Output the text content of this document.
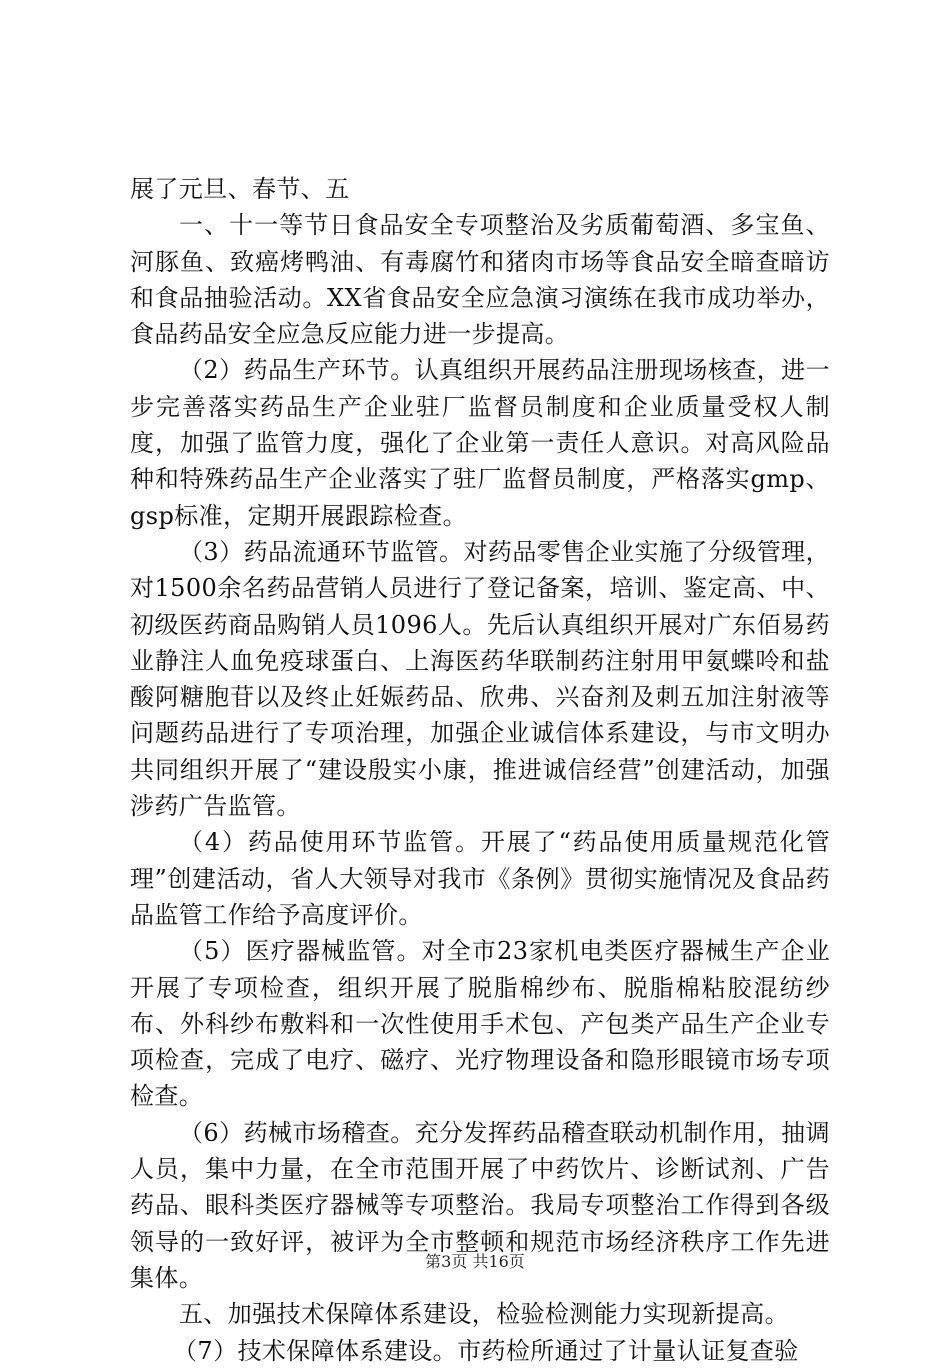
展了元旦、春节、五

一、十一等节日食品安全专项整治及劣质葡萄酒、多宝鱼、河豚鱼、致癌烤鸭油、有毒腐竹和猪肉市场等食品安全暗查暗访和食品抽验活动。XX省食品安全应急演习演练在我市成功举办，食品药品安全应急反应能力进一步提高。

（2）药品生产环节。认真组织开展药品注册现场核查，进一步完善落实药品生产企业驻厂监督员制度和企业质量受权人制度，加强了监管力度，强化了企业第一责任人意识。对高风险品种和特殊药品生产企业落实了驻厂监督员制度，严格落实gmp、gsp标准，定期开展跟踪检查。

（3）药品流通环节监管。对药品零售企业实施了分级管理，对1500余名药品营销人员进行了登记备案，培训、鉴定高、中、初级医药商品购销人员1096人。先后认真组织开展对广东佰易药业静注人血免疫球蛋白、上海医药华联制药注射用甲氨蝶呤和盐酸阿糖胞苷以及终止妊娠药品、欣弗、兴奋剂及刺五加注射液等问题药品进行了专项治理，加强企业诚信体系建设，与市文明办共同组织开展了“建设殷实小康，推进诚信经营”创建活动，加强涉药广告监管。

（4）药品使用环节监管。开展了“药品使用质量规范化管理”创建活动，省人大领导对我市《条例》贯彻实施情况及食品药品监管工作给予高度评价。

（5）医疗器械监管。对全市23家机电类医疗器械生产企业开展了专项检查，组织开展了脱脂棉纱布、脱脂棉粘胶混纺纱布、外科纱布敷料和一次性使用手术包、产包类产品生产企业专项检查，完成了电疗、磁疗、光疗物理设备和隐形眼镜市场专项检查。

（6）药械市场稽查。充分发挥药品稽查联动机制作用，抽调人员，集中力量，在全市范围开展了中药饮片、诊断试剂、广告药品、眼科类医疗器械等专项整治。我局专项整治工作得到各级领导的一致好评，被评为全市整顿和规范市场经济秩序工作先进集体。

五、加强技术保障体系建设，检验检测能力实现新提高。

（7）技术保障体系建设。市药检所通过了计量认证复查验

第3页 共16页
